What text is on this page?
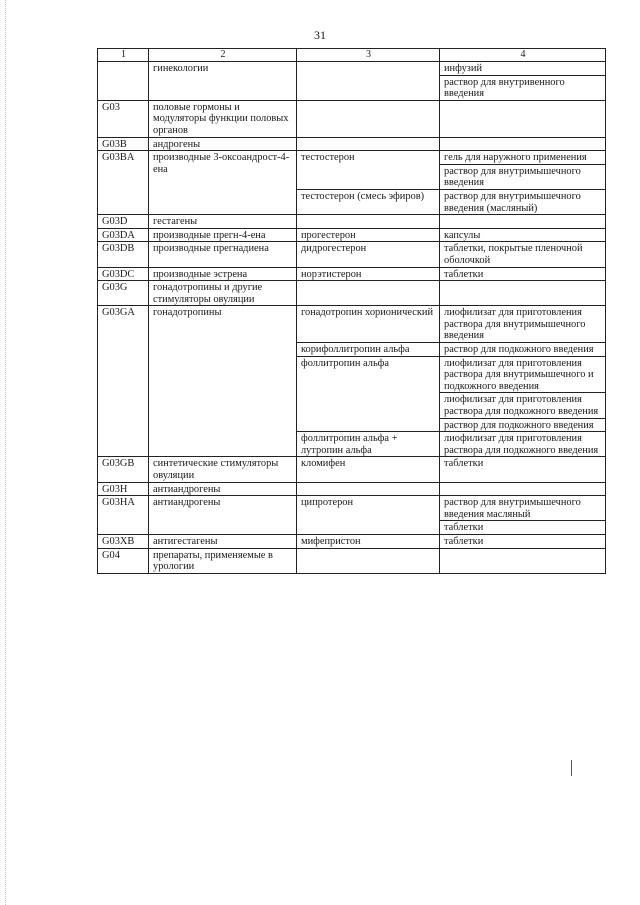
31
1	2	3	4
	гинекологии		инфузий
			раствор для внутривенного введения
G03	половые гормоны и модуляторы функции половых органов		
G03B	андрогены		
G03BA	производные 3-оксоандрост-4-ена	тестостерон	гель для наружного применения
			раствор для внутримышечного введения
		тестостерон (смесь эфиров)	раствор для внутримышечного введения (масляный)
G03D	гестагены		
G03DA	производные прегн-4-ена	прогестерон	капсулы
G03DB	производные прегнадиена	дидрогестерон	таблетки, покрытые пленочной оболочкой
G03DC	производные эстрена	норэтистерон	таблетки
G03G	гонадотропины и другие стимуляторы овуляции		
G03GA	гонадотропины	гонадотропин хорионический	лиофилизат для приготовления раствора для внутримышечного введения
		корифоллитропин альфа	раствор для подкожного введения
		фоллитропин альфа	лиофилизат для приготовления раствора для внутримышечного и подкожного введения
			лиофилизат для приготовления раствора для подкожного введения
			раствор для подкожного введения
		фоллитропин альфа + лутропин альфа	лиофилизат для приготовления раствора для подкожного введения
G03GB	синтетические стимуляторы овуляции	кломифен	таблетки
G03H	антиандрогены		
G03HA	антиандрогены	ципротерон	раствор для внутримышечного введения масляный
			таблетки
G03XB	антигестагены	мифепристон	таблетки
G04	препараты, применяемые в урологии		
